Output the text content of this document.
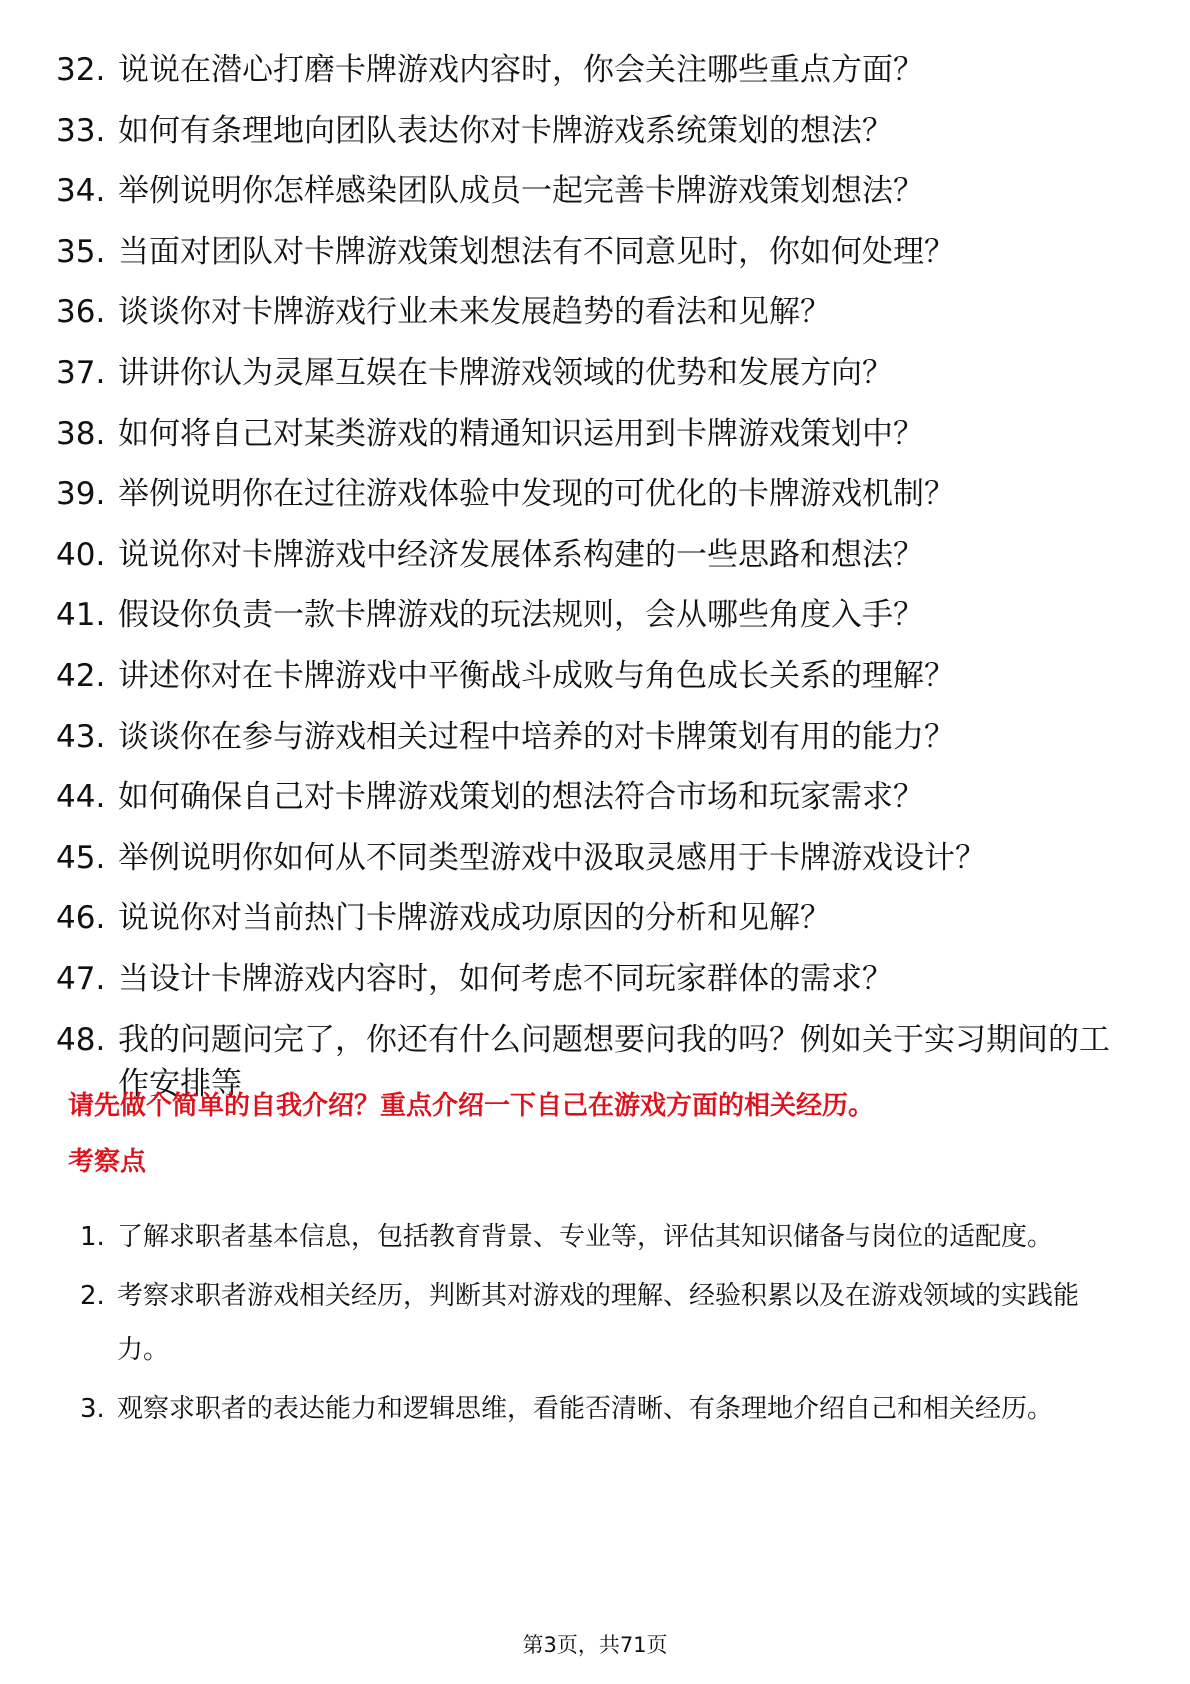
32. 说说在潜心打磨卡牌游戏内容时，你会关注哪些重点方面？
33. 如何有条理地向团队表达你对卡牌游戏系统策划的想法？
34. 举例说明你怎样感染团队成员一起完善卡牌游戏策划想法？
35. 当面对团队对卡牌游戏策划想法有不同意见时，你如何处理？
36. 谈谈你对卡牌游戏行业未来发展趋势的看法和见解？
37. 讲讲你认为灵犀互娱在卡牌游戏领域的优势和发展方向？
38. 如何将自己对某类游戏的精通知识运用到卡牌游戏策划中？
39. 举例说明你在过往游戏体验中发现的可优化的卡牌游戏机制？
40. 说说你对卡牌游戏中经济发展体系构建的一些思路和想法？
41. 假设你负责一款卡牌游戏的玩法规则，会从哪些角度入手？
42. 讲述你对在卡牌游戏中平衡战斗成败与角色成长关系的理解？
43. 谈谈你在参与游戏相关过程中培养的对卡牌策划有用的能力？
44. 如何确保自己对卡牌游戏策划的想法符合市场和玩家需求？
45. 举例说明你如何从不同类型游戏中汲取灵感用于卡牌游戏设计？
46. 说说你对当前热门卡牌游戏成功原因的分析和见解？
47. 当设计卡牌游戏内容时，如何考虑不同玩家群体的需求？
48. 我的问题问完了，你还有什么问题想要问我的吗？例如关于实习期间的工作安排等
请先做个简单的自我介绍？重点介绍一下自己在游戏方面的相关经历。
考察点
1. 了解求职者基本信息，包括教育背景、专业等，评估其知识储备与岗位的适配度。
2. 考察求职者游戏相关经历，判断其对游戏的理解、经验积累以及在游戏领域的实践能力。
3. 观察求职者的表达能力和逻辑思维，看能否清晰、有条理地介绍自己和相关经历。
第3页，共71页
